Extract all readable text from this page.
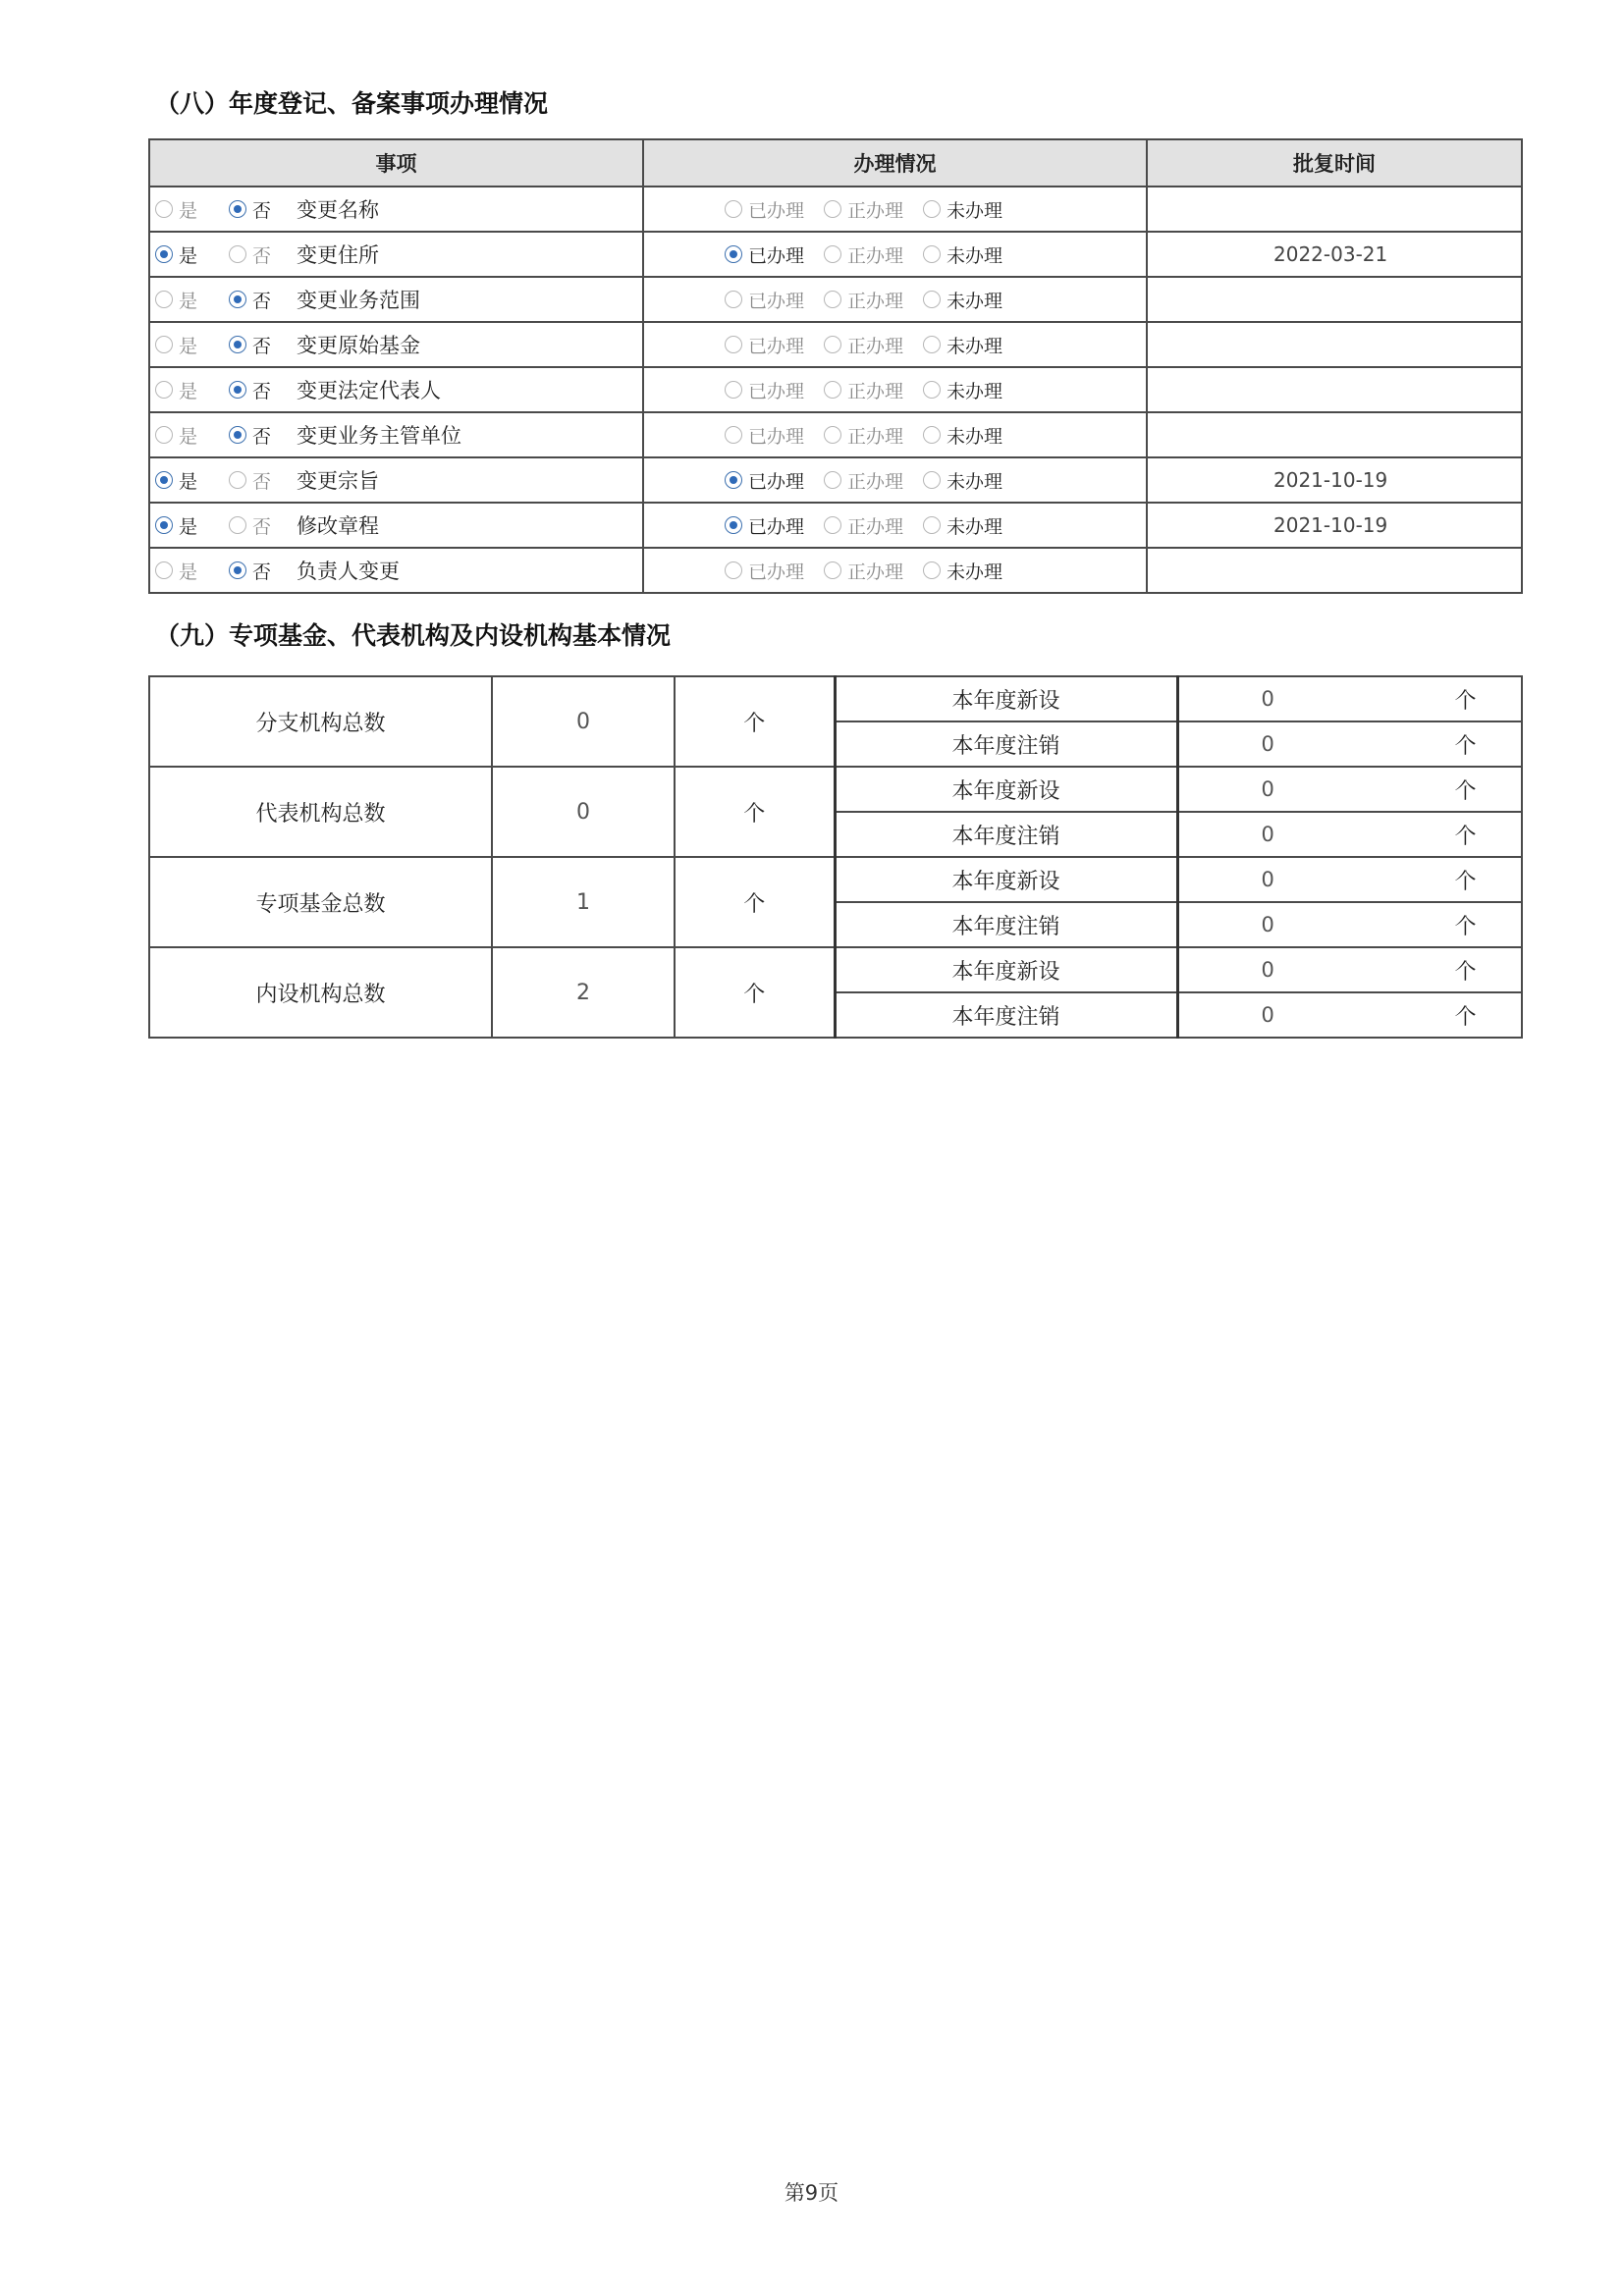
（八）年度登记、备案事项办理情况
事项	办理情况	批复时间

是 否 变更名称	已办理 正办理 未办理	

是 否 变更住所	已办理 正办理 未办理	2022-03-21

是 否 变更业务范围	已办理 正办理 未办理	

是 否 变更原始基金	已办理 正办理 未办理	

是 否 变更法定代表人	已办理 正办理 未办理	

是 否 变更业务主管单位	已办理 正办理 未办理	

是 否 变更宗旨	已办理 正办理 未办理	2021-10-19

是 否 修改章程	已办理 正办理 未办理	2021-10-19

是 否 负责人变更	已办理 正办理 未办理	

（九）专项基金、代表机构及内设机构基本情况
分支机构总数	0	个	本年度新设	0	个
			本年度注销	0	个
代表机构总数	0	个	本年度新设	0	个
			本年度注销	0	个
专项基金总数	1	个	本年度新设	0	个
			本年度注销	0	个
内设机构总数	2	个	本年度新设	0	个
			本年度注销	0	个
第9页
